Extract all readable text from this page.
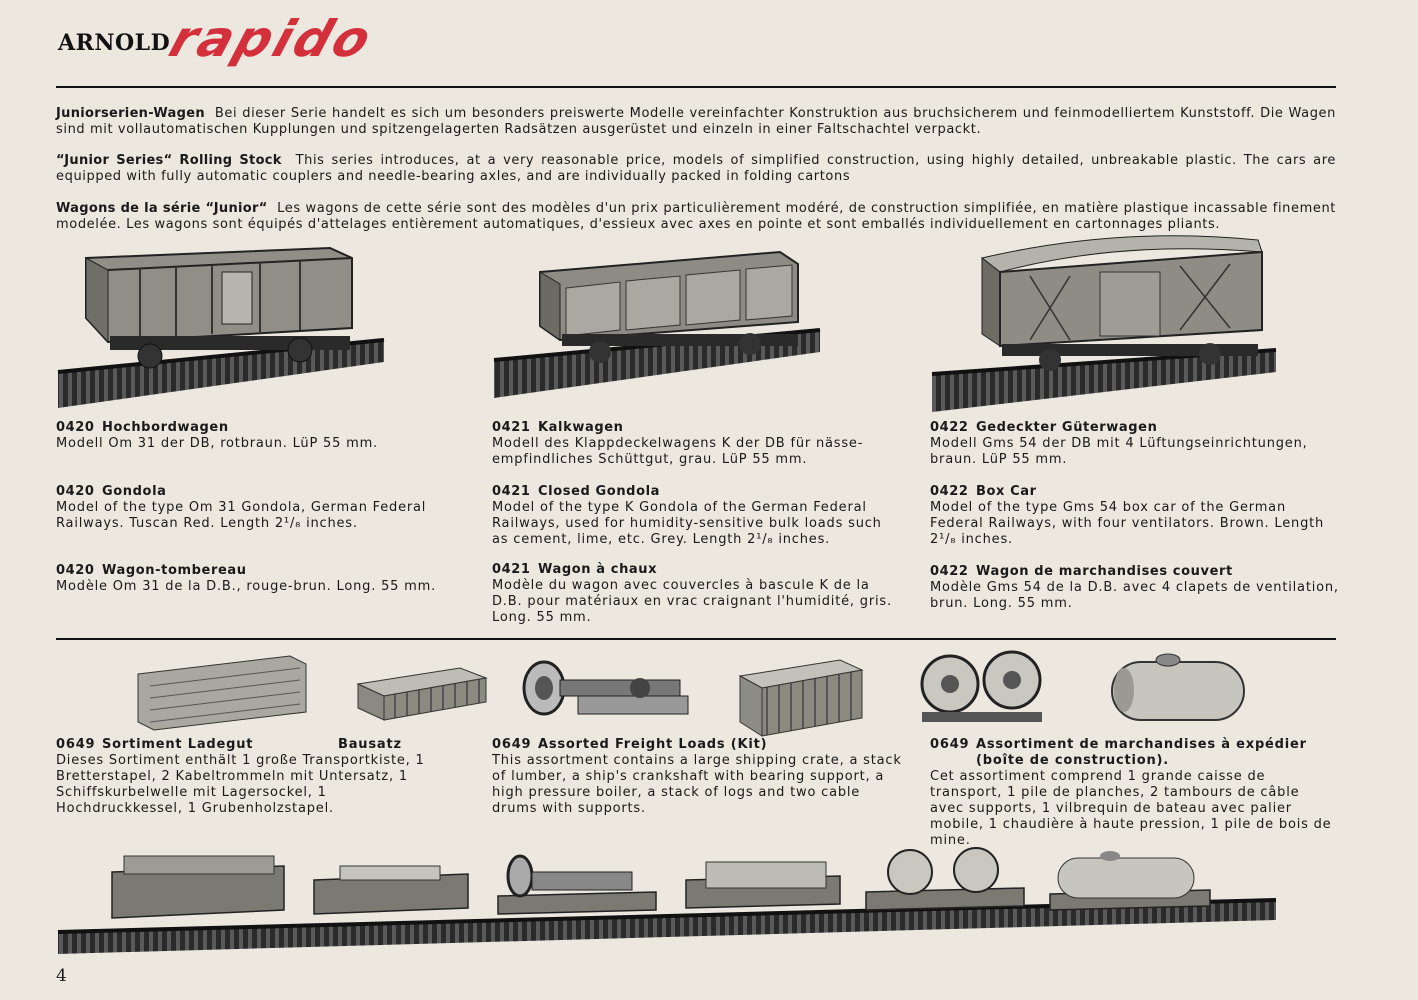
ARNOLD
rapido
Juniorserien-Wagen Bei dieser Serie handelt es sich um besonders preiswerte Modelle vereinfachter Konstruktion aus bruchsicherem und feinmodelliertem Kunststoff. Die Wagen sind mit vollautomatischen Kupplungen und spitzengelagerten Radsätzen ausgerüstet und einzeln in einer Faltschachtel verpackt.
“Junior Series“ Rolling Stock This series introduces, at a very reasonable price, models of simplified construction, using highly detailed, unbreakable plastic. The cars are equipped with fully automatic couplers and needle-bearing axles, and are individually packed in folding cartons
Wagons de la série “Junior“ Les wagons de cette série sont des modèles d'un prix particulièrement modéré, de construction simplifiée, en matière plastique incassable finement modelée. Les wagons sont équipés d'attelages entièrement automatiques, d'essieux avec axes en pointe et sont emballés individuellement en cartonnages pliants.
0420 Hochbordwagen
Modell Om 31 der DB, rotbraun. LüP 55 mm.
0420 Gondola
Model of the type Om 31 Gondola, German Federal Railways. Tuscan Red. Length 2¹/₈ inches.
0420 Wagon-tombereau
Modèle Om 31 de la D.B., rouge-brun. Long. 55 mm.
0421 Kalkwagen
Modell des Klappdeckelwagens K der DB für nässe-empfindliches Schüttgut, grau. LüP 55 mm.
0421 Closed Gondola
Model of the type K Gondola of the German Federal Railways, used for humidity-sensitive bulk loads such as cement, lime, etc. Grey. Length 2¹/₈ inches.
0421 Wagon à chaux
Modèle du wagon avec couvercles à bascule K de la D.B. pour matériaux en vrac craignant l'humidité, gris. Long. 55 mm.
0422 Gedeckter Güterwagen
Modell Gms 54 der DB mit 4 Lüftungseinrichtungen, braun. LüP 55 mm.
0422 Box Car
Model of the type Gms 54 box car of the German Federal Railways, with four ventilators. Brown. Length 2¹/₈ inches.
0422 Wagon de marchandises couvert
Modèle Gms 54 de la D.B. avec 4 clapets de ventilation, brun. Long. 55 mm.
0649 Sortiment Ladegut	Bausatz
Dieses Sortiment enthält 1 große Transportkiste, 1 Bretterstapel, 2 Kabeltrommeln mit Untersatz, 1 Schiffskurbelwelle mit Lagersockel, 1 Hochdruckkessel, 1 Grubenholzstapel.
0649 Assorted Freight Loads (Kit)
This assortment contains a large shipping crate, a stack of lumber, a ship's crankshaft with bearing support, a high pressure boiler, a stack of logs and two cable drums with supports.
0649 Assortiment de marchandises à expédier (boîte de construction).
Cet assortiment comprend 1 grande caisse de transport, 1 pile de planches, 2 tambours de câble avec supports, 1 vilbrequin de bateau avec palier mobile, 1 chaudière à haute pression, 1 pile de bois de mine.
4
